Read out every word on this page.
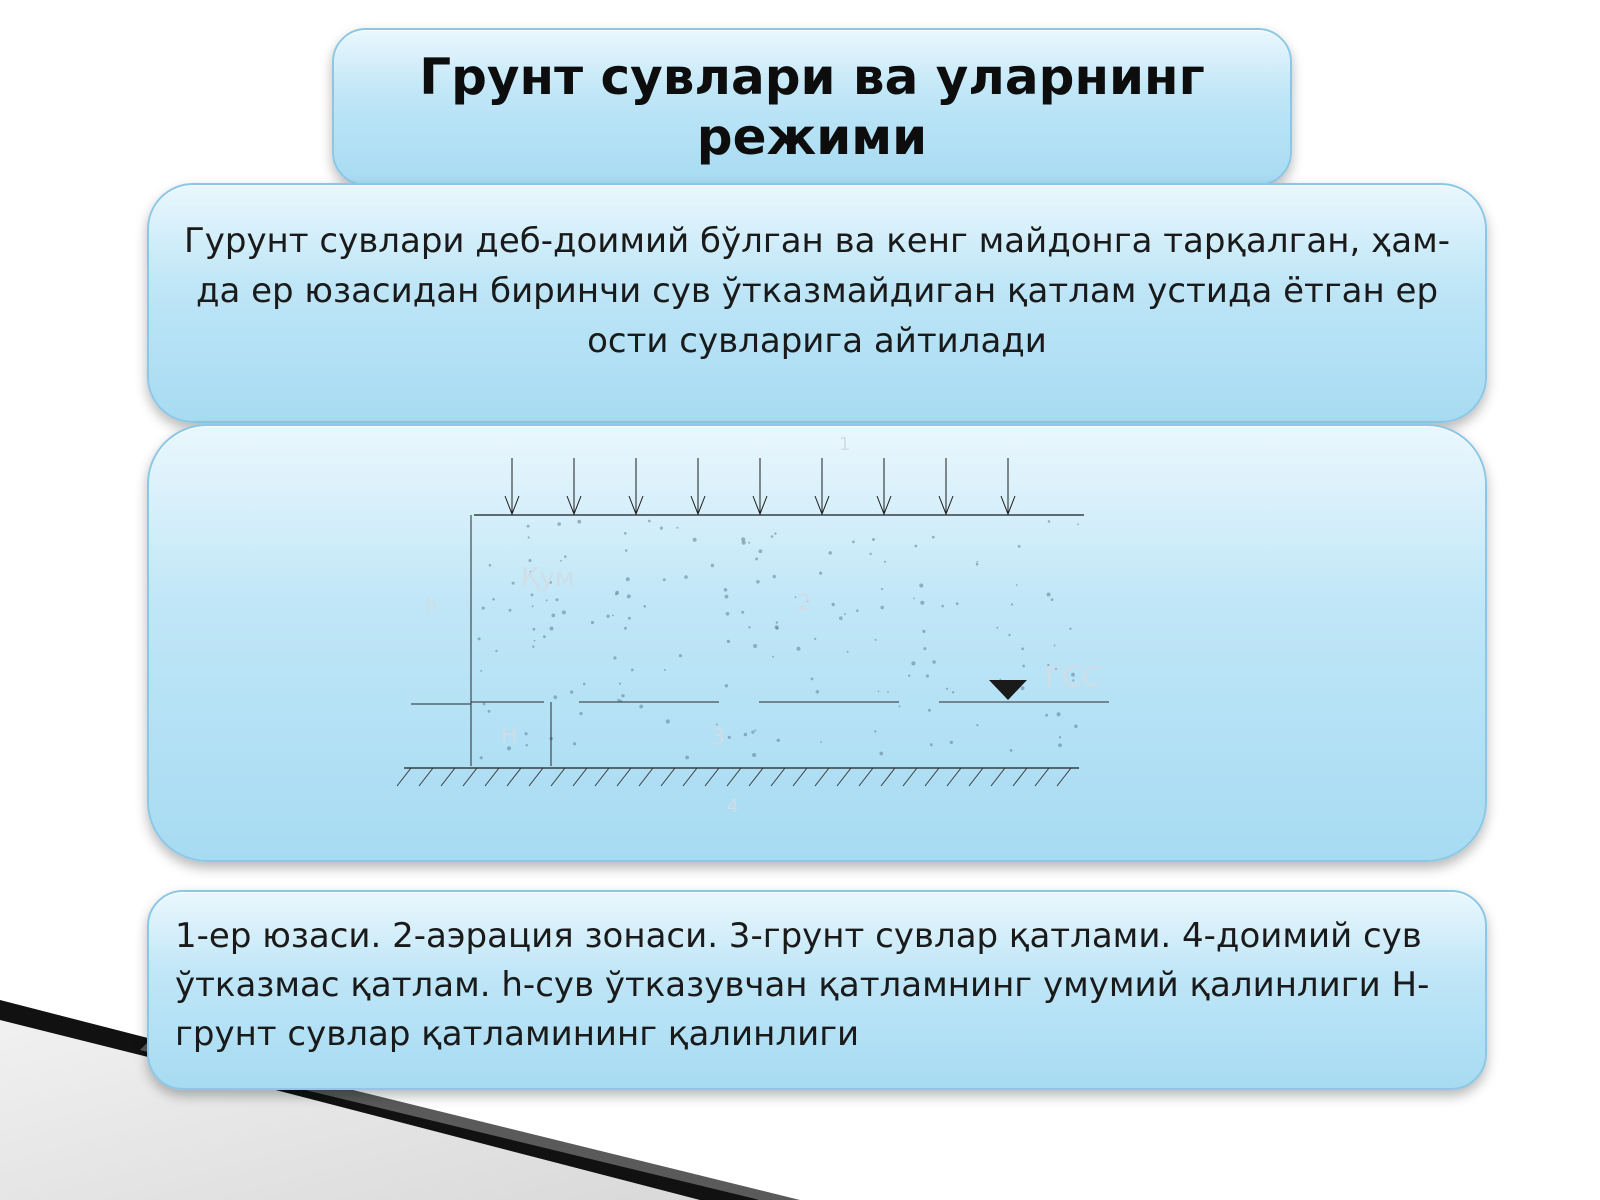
Грунт сувлари ва уларнинг режими

Гурунт сувлари деб-доимий бўлган ва кенг майдонга тарқалган, ҳам-да ер юзасидан биринчи сув ўтказмайдиган қатлам устида ётган ер ости сувларига айтилади

1
Қум
2
h
H	3
ГСС
4

1-ер юзаси. 2-аэрация зонаси. 3-грунт сувлар қатлами. 4-доимий сув ўтказмас қатлам. h-сув ўтказувчан қатламнинг умумий қалинлиги H-грунт сувлар қатламининг қалинлиги
